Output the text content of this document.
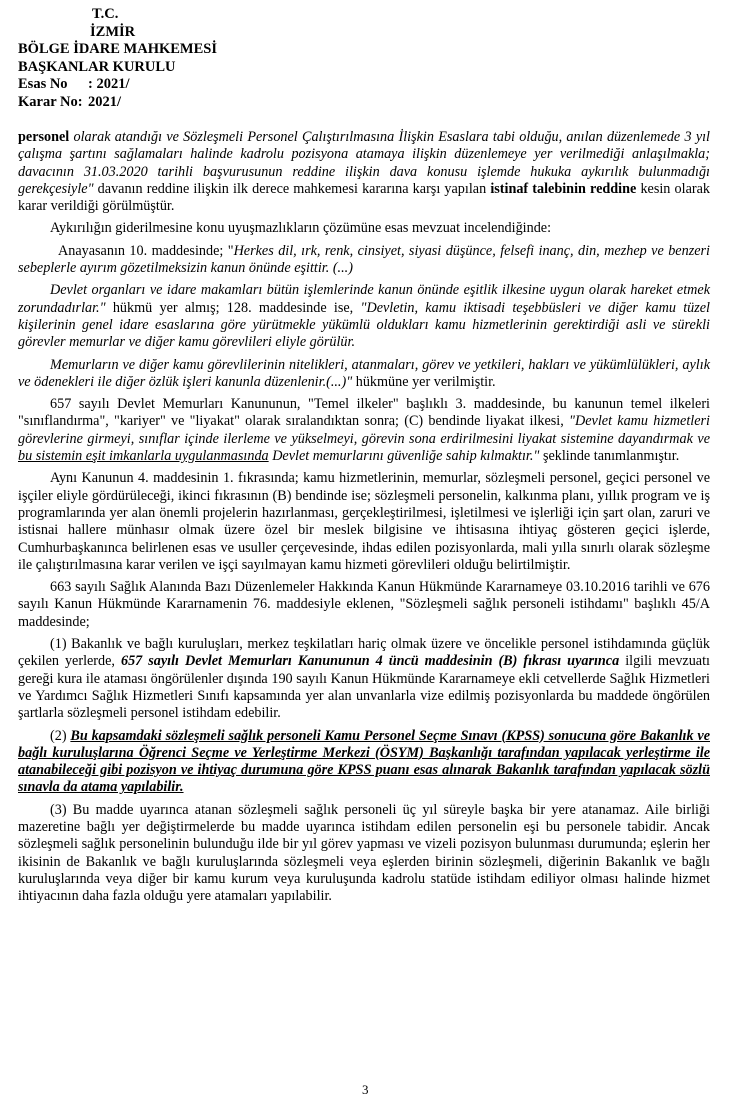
T.C.
İZMİR
BÖLGE İDARE MAHKEMESİ
BAŞKANLAR KURULU
Esas No : 2021/
Karar No: 2021/

personel olarak atandığı ve Sözleşmeli Personel Çalıştırılmasına İlişkin Esaslara tabi olduğu, anılan düzenlemede 3 yıl çalışma şartını sağlamaları halinde kadrolu pozisyona atamaya ilişkin düzenlemeye yer verilmediği anlaşılmakla; davacının 31.03.2020 tarihli başvurusunun reddine ilişkin dava konusu işlemde hukuka aykırılık bulunmadığı gerekçesiyle" davanın reddine ilişkin ilk derece mahkemesi kararına karşı yapılan istinaf talebinin reddine kesin olarak karar verildiği görülmüştür.

Aykırılığın giderilmesine konu uyuşmazlıkların çözümüne esas mevzuat incelendiğinde:

Anayasanın 10. maddesinde; "Herkes dil, ırk, renk, cinsiyet, siyasi düşünce, felsefi inanç, din, mezhep ve benzeri sebeplerle ayırım gözetilmeksizin kanun önünde eşittir. (...)

Devlet organları ve idare makamları bütün işlemlerinde kanun önünde eşitlik ilkesine uygun olarak hareket etmek zorundadırlar." hükmü yer almış; 128. maddesinde ise, "Devletin, kamu iktisadi teşebbüsleri ve diğer kamu tüzel kişilerinin genel idare esaslarına göre yürütmekle yükümlü oldukları kamu hizmetlerinin gerektirdiği asli ve sürekli görevler memurlar ve diğer kamu görevlileri eliyle görülür.

Memurların ve diğer kamu görevlilerinin nitelikleri, atanmaları, görev ve yetkileri, hakları ve yükümlülükleri, aylık ve ödenekleri ile diğer özlük işleri kanunla düzenlenir.(...)" hükmüne yer verilmiştir.

657 sayılı Devlet Memurları Kanununun, "Temel ilkeler" başlıklı 3. maddesinde, bu kanunun temel ilkeleri "sınıflandırma", "kariyer" ve "liyakat" olarak sıralandıktan sonra; (C) bendinde liyakat ilkesi, "Devlet kamu hizmetleri görevlerine girmeyi, sınıflar içinde ilerleme ve yükselmeyi, görevin sona erdirilmesini liyakat sistemine dayandırmak ve bu sistemin eşit imkanlarla uygulanmasında Devlet memurlarını güvenliğe sahip kılmaktır." şeklinde tanımlanmıştır.

Aynı Kanunun 4. maddesinin 1. fıkrasında; kamu hizmetlerinin, memurlar, sözleşmeli personel, geçici personel ve işçiler eliyle gördürüleceği, ikinci fıkrasının (B) bendinde ise; sözleşmeli personelin, kalkınma planı, yıllık program ve iş programlarında yer alan önemli projelerin hazırlanması, gerçekleştirilmesi, işletilmesi ve işlerliği için şart olan, zaruri ve istisnai hallere münhasır olmak üzere özel bir meslek bilgisine ve ihtisasına ihtiyaç gösteren geçici işlerde, Cumhurbaşkanınca belirlenen esas ve usuller çerçevesinde, ihdas edilen pozisyonlarda, mali yılla sınırlı olarak sözleşme ile çalıştırılmasına karar verilen ve işçi sayılmayan kamu hizmeti görevlileri olduğu belirtilmiştir.

663 sayılı Sağlık Alanında Bazı Düzenlemeler Hakkında Kanun Hükmünde Kararnameye 03.10.2016 tarihli ve 676 sayılı Kanun Hükmünde Kararnamenin 76. maddesiyle eklenen, "Sözleşmeli sağlık personeli istihdamı" başlıklı 45/A maddesinde;

(1) Bakanlık ve bağlı kuruluşları, merkez teşkilatları hariç olmak üzere ve öncelikle personel istihdamında güçlük çekilen yerlerde, 657 sayılı Devlet Memurları Kanununun 4 üncü maddesinin (B) fıkrası uyarınca ilgili mevzuatı gereği kura ile ataması öngörülenler dışında 190 sayılı Kanun Hükmünde Kararnameye ekli cetvellerde Sağlık Hizmetleri ve Yardımcı Sağlık Hizmetleri Sınıfı kapsamında yer alan unvanlarla vize edilmiş pozisyonlarda bu maddede öngörülen şartlarla sözleşmeli personel istihdam edebilir.

(2) Bu kapsamdaki sözleşmeli sağlık personeli Kamu Personel Seçme Sınavı (KPSS) sonucuna göre Bakanlık ve bağlı kuruluşlarına Öğrenci Seçme ve Yerleştirme Merkezi (ÖSYM) Başkanlığı tarafından yapılacak yerleştirme ile atanabileceği gibi pozisyon ve ihtiyaç durumuna göre KPSS puanı esas alınarak Bakanlık tarafından yapılacak sözlü sınavla da atama yapılabilir.

(3) Bu madde uyarınca atanan sözleşmeli sağlık personeli üç yıl süreyle başka bir yere atanamaz. Aile birliği mazeretine bağlı yer değiştirmelerde bu madde uyarınca istihdam edilen personelin eşi bu personele tabidir. Ancak sözleşmeli sağlık personelinin bulunduğu ilde bir yıl görev yapması ve vizeli pozisyon bulunması durumunda; eşlerin her ikisinin de Bakanlık ve bağlı kuruluşlarında sözleşmeli veya eşlerden birinin sözleşmeli, diğerinin Bakanlık ve bağlı kuruluşlarında veya diğer bir kamu kurum veya kuruluşunda kadrolu statüde istihdam ediliyor olması halinde hizmet ihtiyacının daha fazla olduğu yere atamaları yapılabilir.

3
